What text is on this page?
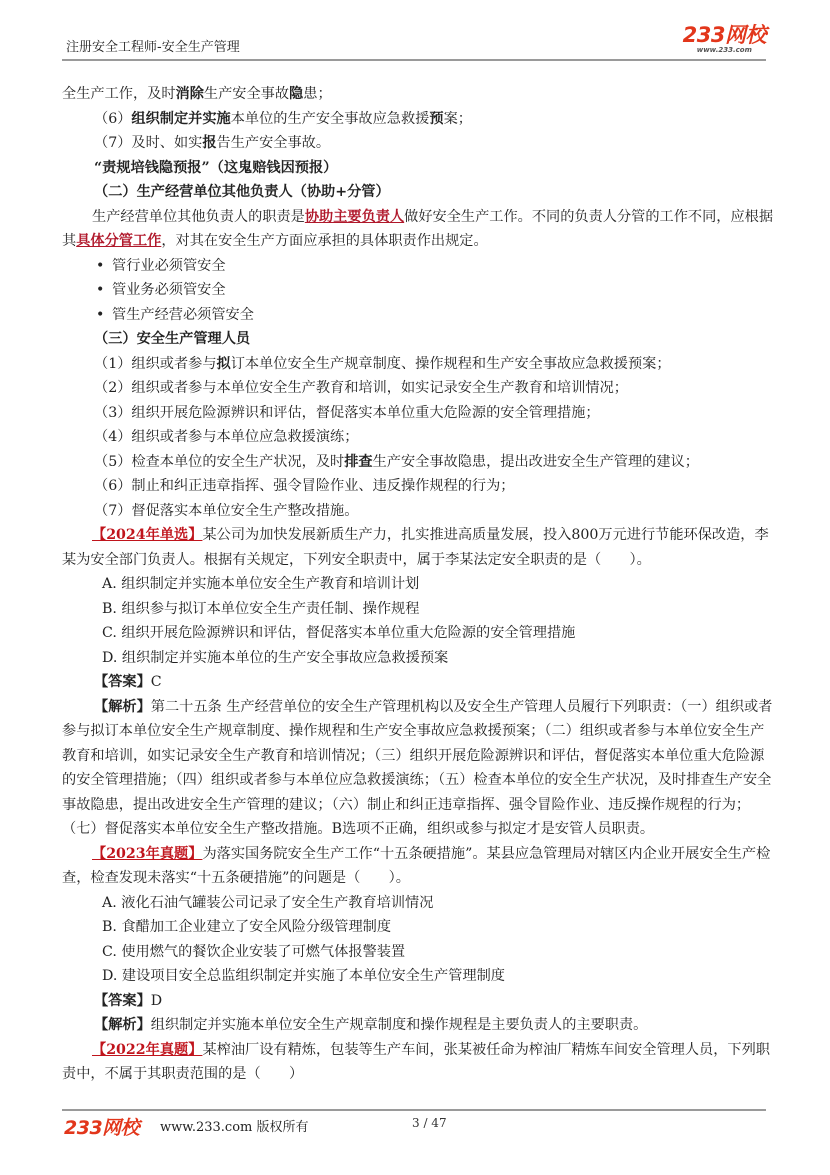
注册安全工程师-安全生产管理
233网校
www.233.com

全生产工作，及时消除生产安全事故隐患；

（6）组织制定并实施本单位的生产安全事故应急救援预案；

（7）及时、如实报告生产安全事故。

“责规培钱隐预报”（这鬼赔钱因预报）

（二）生产经营单位其他负责人（协助+分管）

生产经营单位其他负责人的职责是协助主要负责人做好安全生产工作。不同的负责人分管的工作不同，应根据其具体分管工作，对其在安全生产方面应承担的具体职责作出规定。

• 管行业必须管安全

• 管业务必须管安全

• 管生产经营必须管安全

（三）安全生产管理人员

（1）组织或者参与拟订本单位安全生产规章制度、操作规程和生产安全事故应急救援预案；

（2）组织或者参与本单位安全生产教育和培训，如实记录安全生产教育和培训情况；

（3）组织开展危险源辨识和评估，督促落实本单位重大危险源的安全管理措施；

（4）组织或者参与本单位应急救援演练；

（5）检查本单位的安全生产状况，及时排查生产安全事故隐患，提出改进安全生产管理的建议；

（6）制止和纠正违章指挥、强令冒险作业、违反操作规程的行为；

（7）督促落实本单位安全生产整改措施。

【2024年单选】某公司为加快发展新质生产力，扎实推进高质量发展，投入800万元进行节能环保改造，李某为安全部门负责人。根据有关规定，下列安全职责中，属于李某法定安全职责的是（　　）。

A. 组织制定并实施本单位安全生产教育和培训计划

B. 组织参与拟订本单位安全生产责任制、操作规程

C. 组织开展危险源辨识和评估，督促落实本单位重大危险源的安全管理措施

D. 组织制定并实施本单位的生产安全事故应急救援预案

【答案】C

【解析】第二十五条 生产经营单位的安全生产管理机构以及安全生产管理人员履行下列职责：（一）组织或者参与拟订本单位安全生产规章制度、操作规程和生产安全事故应急救援预案；（二）组织或者参与本单位安全生产教育和培训，如实记录安全生产教育和培训情况；（三）组织开展危险源辨识和评估，督促落实本单位重大危险源的安全管理措施；（四）组织或者参与本单位应急救援演练；（五）检查本单位的安全生产状况，及时排查生产安全事故隐患，提出改进安全生产管理的建议；（六）制止和纠正违章指挥、强令冒险作业、违反操作规程的行为；（七）督促落实本单位安全生产整改措施。B选项不正确，组织或参与拟定才是安管人员职责。

【2023年真题】为落实国务院安全生产工作“十五条硬措施”。某县应急管理局对辖区内企业开展安全生产检查，检查发现未落实“十五条硬措施”的问题是（　　）。

A. 液化石油气罐装公司记录了安全生产教育培训情况

B. 食醋加工企业建立了安全风险分级管理制度

C. 使用燃气的餐饮企业安装了可燃气体报警装置

D. 建设项目安全总监组织制定并实施了本单位安全生产管理制度

【答案】D

【解析】组织制定并实施本单位安全生产规章制度和操作规程是主要负责人的主要职责。

【2022年真题】某榨油厂设有精炼，包装等生产车间，张某被任命为榨油厂精炼车间安全管理人员，下列职责中，不属于其职责范围的是（　　）

233网校 www.233.com 版权所有	3 / 47
